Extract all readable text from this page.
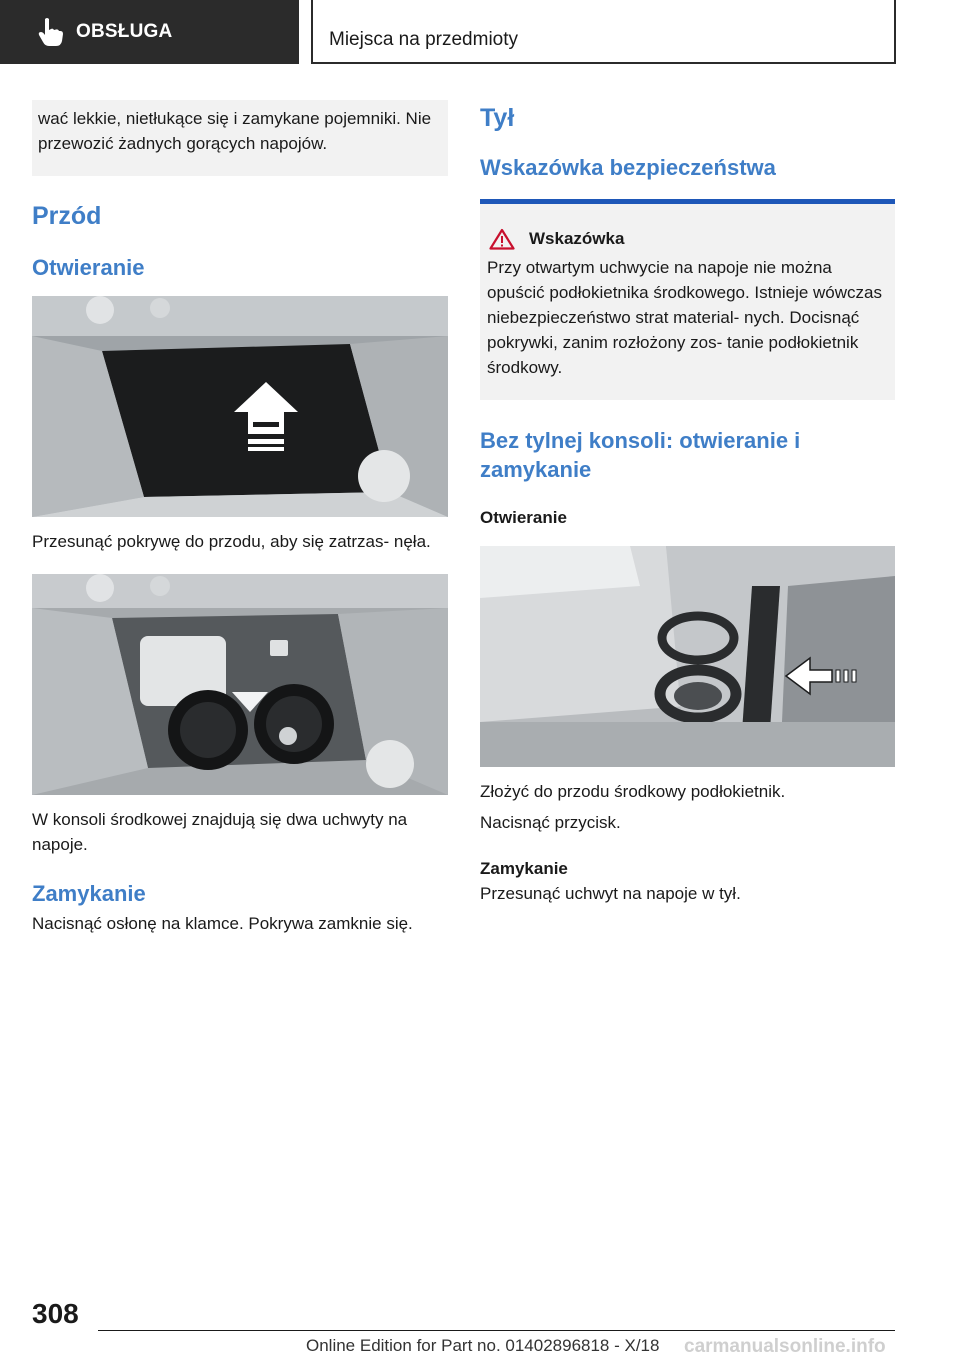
OBSŁUGA	Miejsca na przedmioty

wać lekkie, nietłukące się i zamykane pojemniki. Nie przewozić żadnych gorących napojów.

Przód
Otwieranie

Przesunąć pokrywę do przodu, aby się zatrzas- nęła.

W konsoli środkowej znajdują się dwa uchwyty na napoje.

Zamykanie

Nacisnąć osłonę na klamce. Pokrywa zamknie się.

Tył
Wskazówka bezpieczeństwa
Wskazówka

Przy otwartym uchwycie na napoje nie można opuścić podłokietnika środkowego. Istnieje wówczas niebezpieczeństwo strat material- nych. Docisnąć pokrywki, zanim rozłożony zos- tanie podłokietnik środkowy.

Bez tylnej konsoli: otwieranie i zamykanie
Otwieranie

Złożyć do przodu środkowy podłokietnik.

Nacisnąć przycisk.

Zamykanie

Przesunąć uchwyt na napoje w tył.

308
Online Edition for Part no. 01402896818 - X/18 carmanualsonline.info
